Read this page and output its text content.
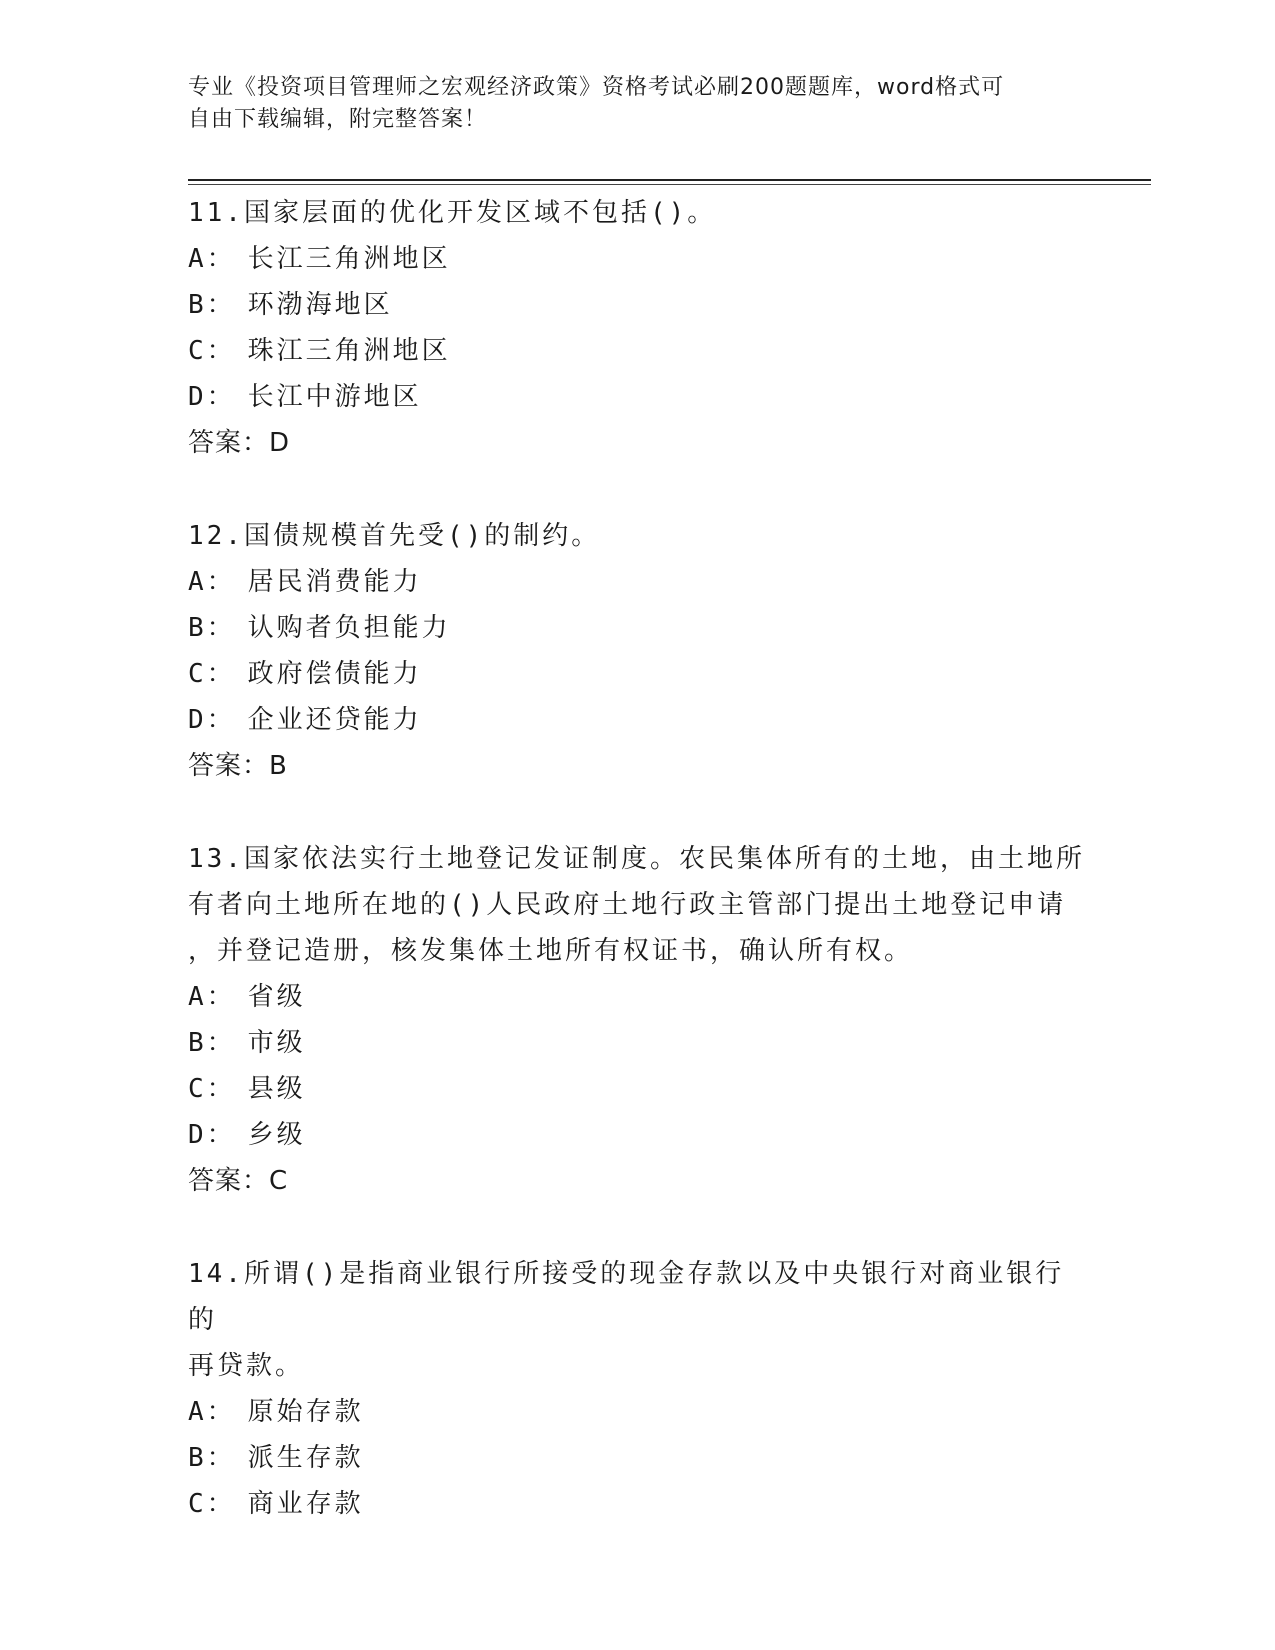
专业《投资项目管理师之宏观经济政策》资格考试必刷200题题库，word格式可
自由下载编辑，附完整答案！
11.国家层面的优化开发区域不包括()。
A： 长江三角洲地区
B： 环渤海地区
C： 珠江三角洲地区
D： 长江中游地区
答案：D
12.国债规模首先受()的制约。
A： 居民消费能力
B： 认购者负担能力
C： 政府偿债能力
D： 企业还贷能力
答案：B
13.国家依法实行土地登记发证制度。农民集体所有的土地，由土地所
有者向土地所在地的()人民政府土地行政主管部门提出土地登记申请
，并登记造册，核发集体土地所有权证书，确认所有权。
A： 省级
B： 市级
C： 县级
D： 乡级
答案：C
14.所谓()是指商业银行所接受的现金存款以及中央银行对商业银行的
再贷款。
A： 原始存款
B： 派生存款
C： 商业存款
